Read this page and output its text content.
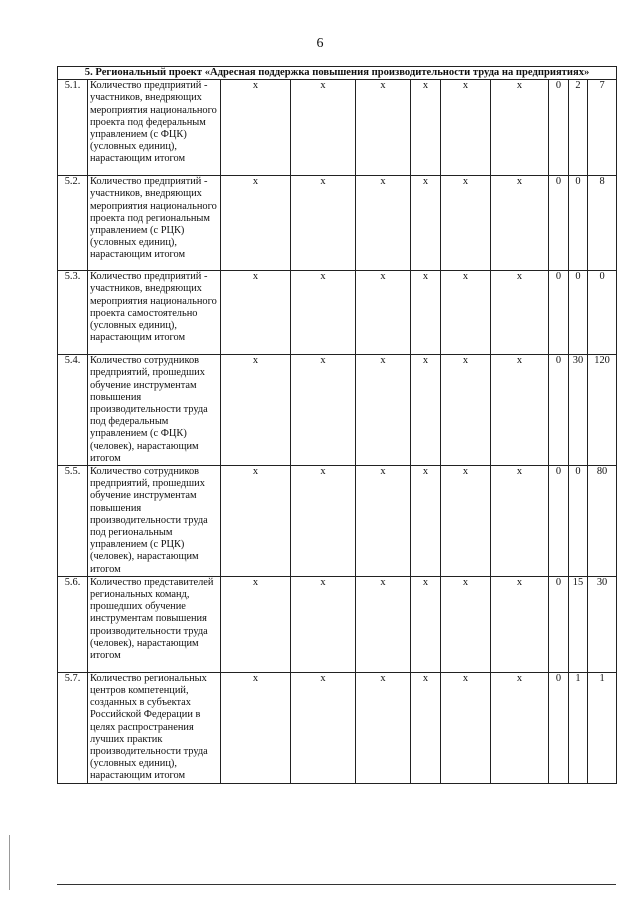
6
5. Региональный проект «Адресная поддержка повышения производительности труда на предприятиях»										
5.1.	Количество предприятий - участников, внедряющих мероприятия национального проекта под федеральным управлением (с ФЦК) (условных единиц), нарастающим итогом	x	x	x	x	x	x	0	2	7
5.2.	Количество предприятий - участников, внедряющих мероприятия национального проекта под региональным управлением (с РЦК) (условных единиц), нарастающим итогом	x	x	x	x	x	x	0	0	8
5.3.	Количество предприятий - участников, внедряющих мероприятия национального проекта самостоятельно (условных единиц), нарастающим итогом	x	x	x	x	x	x	0	0	0
5.4.	Количество сотрудников предприятий, прошедших обучение инструментам повышения производительности труда под федеральным управлением (с ФЦК) (человек), нарастающим итогом	x	x	x	x	x	x	0	30	120
5.5.	Количество сотрудников предприятий, прошедших обучение инструментам повышения производительности труда под региональным управлением (с РЦК) (человек), нарастающим итогом	x	x	x	x	x	x	0	0	80
5.6.	Количество представителей региональных команд, прошедших обучение инструментам повышения производительности труда (человек), нарастающим итогом	x	x	x	x	x	x	0	15	30
5.7.	Количество региональных центров компетенций, созданных в субъектах Российской Федерации в целях распространения лучших практик производительности труда (условных единиц), нарастающим итогом	x	x	x	x	x	x	0	1	1
